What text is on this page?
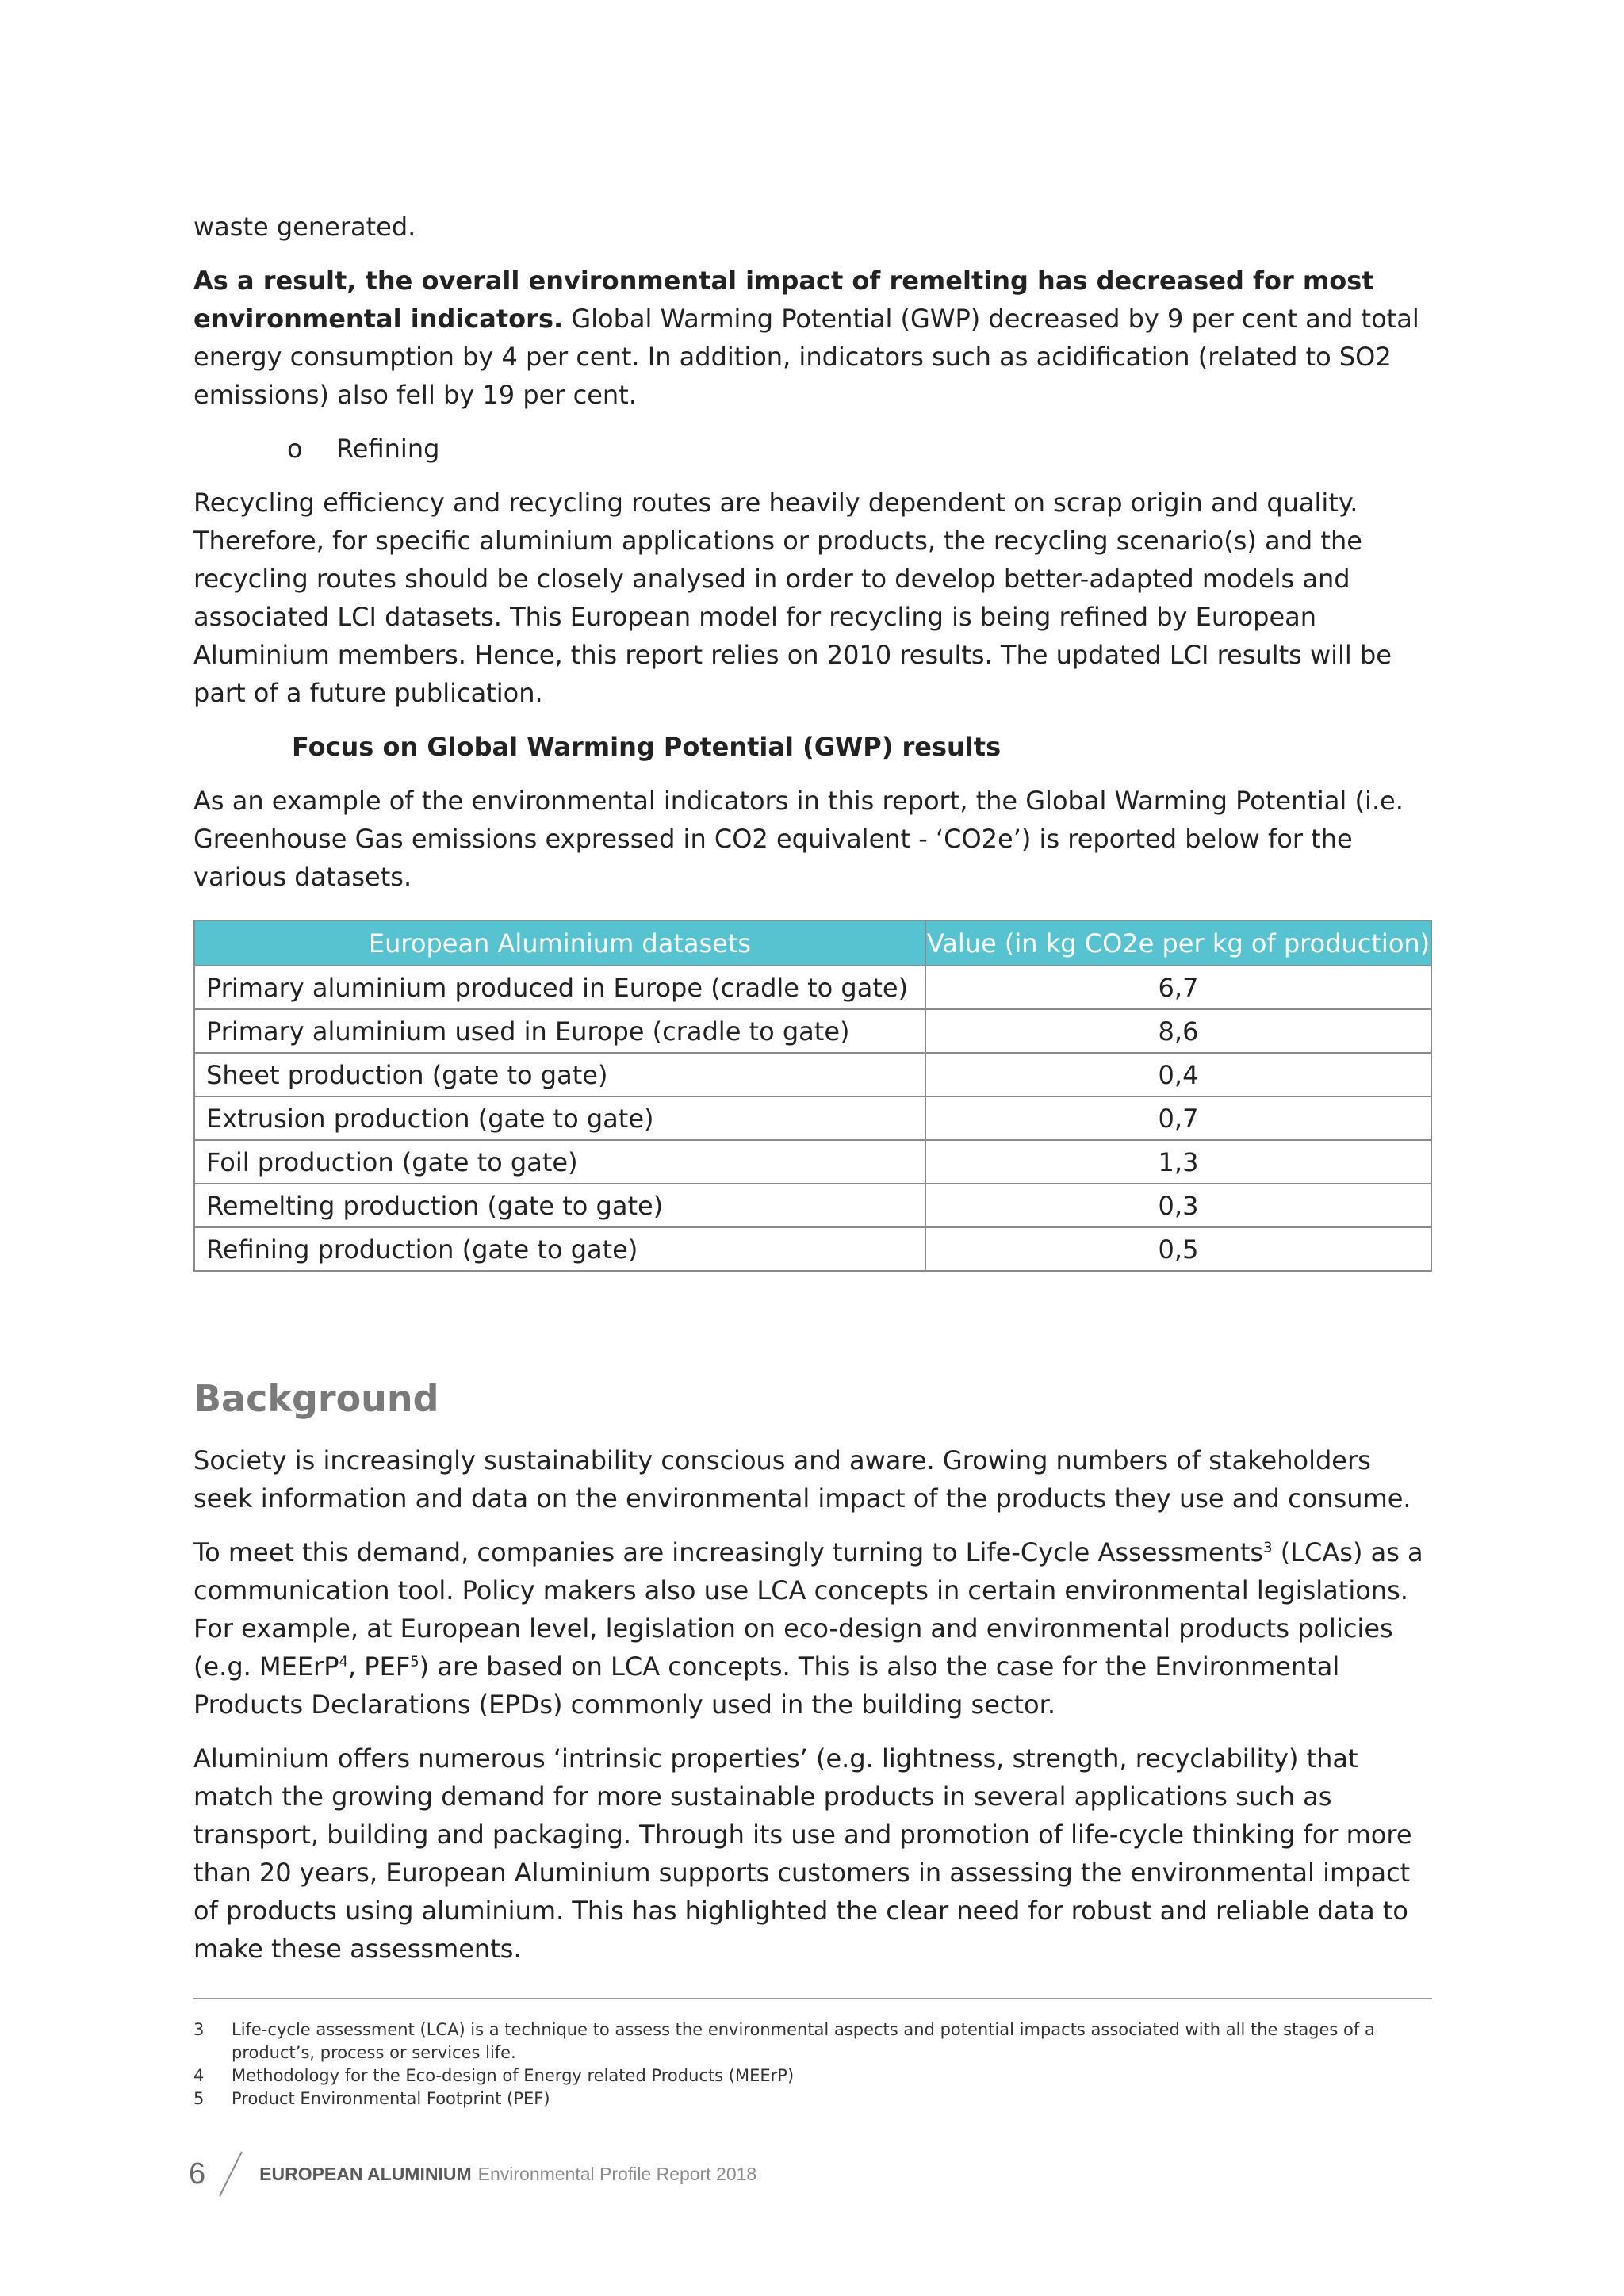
waste generated.

As a result, the overall environmental impact of remelting has decreased for most environmental indicators. Global Warming Potential (GWP) decreased by 9 per cent and total energy consumption by 4 per cent. In addition, indicators such as acidification (related to SO2 emissions) also fell by 19 per cent.

o	Refining

Recycling efficiency and recycling routes are heavily dependent on scrap origin and quality. Therefore, for specific aluminium applications or products, the recycling scenario(s) and the recycling routes should be closely analysed in order to develop better-adapted models and associated LCI datasets. This European model for recycling is being refined by European Aluminium members. Hence, this report relies on 2010 results. The updated LCI results will be part of a future publication.

Focus on Global Warming Potential (GWP) results

As an example of the environmental indicators in this report, the Global Warming Potential (i.e. Greenhouse Gas emissions expressed in CO2 equivalent - ‘CO2e’) is reported below for the various datasets.

European Aluminium datasets	Value (in kg CO2e per kg of production)
Primary aluminium produced in Europe (cradle to gate)	6,7
Primary aluminium used in Europe (cradle to gate)	8,6
Sheet production (gate to gate)	0,4
Extrusion production (gate to gate)	0,7
Foil production (gate to gate)	1,3
Remelting production (gate to gate)	0,3
Refining production (gate to gate)	0,5
Background

Society is increasingly sustainability conscious and aware. Growing numbers of stakeholders seek information and data on the environmental impact of the products they use and consume.

To meet this demand, companies are increasingly turning to Life-Cycle Assessments$^3$ (LCAs) as a communication tool. Policy makers also use LCA concepts in certain environmental legislations. For example, at European level, legislation on eco-design and environmental products policies (e.g. MEErP$^4$, PEF$^5$) are based on LCA concepts. This is also the case for the Environmental Products Declarations (EPDs) commonly used in the building sector.

Aluminium offers numerous ‘intrinsic properties’ (e.g. lightness, strength, recyclability) that match the growing demand for more sustainable products in several applications such as transport, building and packaging. Through its use and promotion of life-cycle thinking for more than 20 years, European Aluminium supports customers in assessing the environmental impact of products using aluminium. This has highlighted the clear need for robust and reliable data to make these assessments.

3	Life-cycle assessment (LCA) is a technique to assess the environmental aspects and potential impacts associated with all the stages of a product’s, process or services life.
4	Methodology for the Eco-design of Energy related Products (MEErP)
5	Product Environmental Footprint (PEF)
6	EUROPEAN ALUMINIUM Environmental Profile Report 2018
